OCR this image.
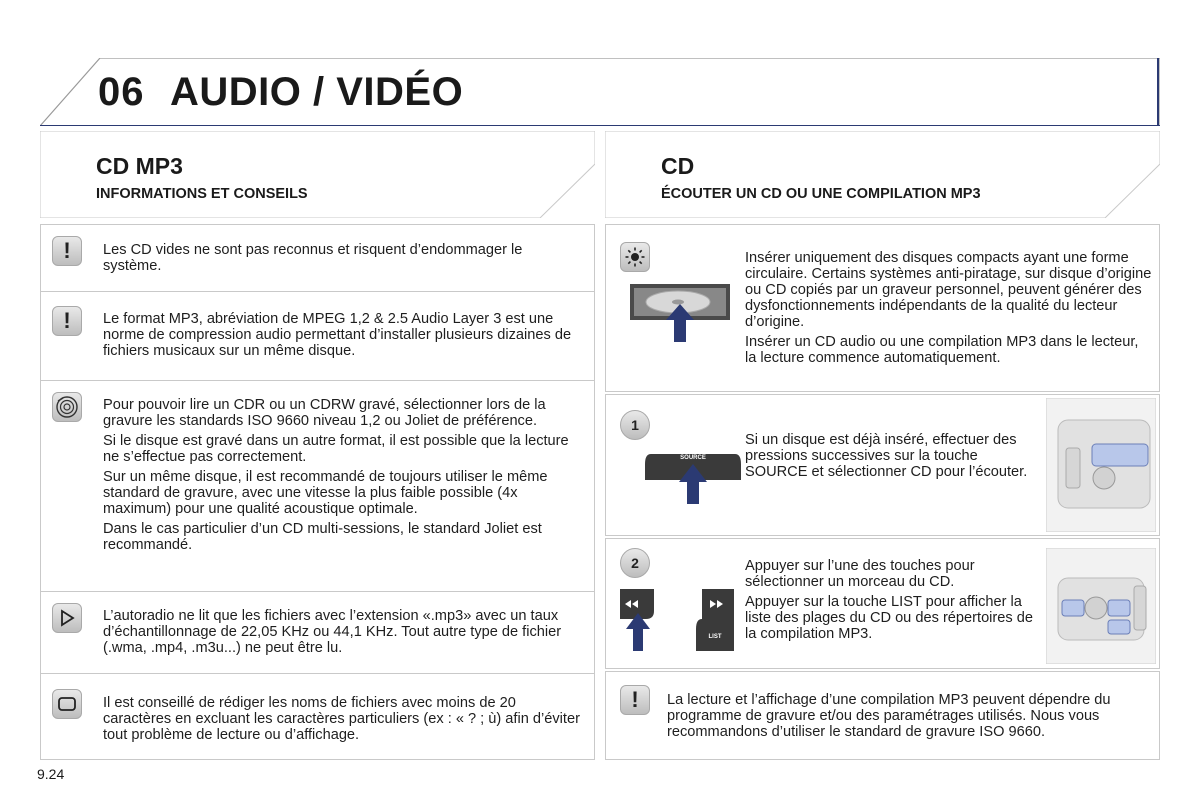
06 AUDIO / VIDÉO
CD MP3
INFORMATIONS ET CONSEILS
CD
ÉCOUTER UN CD OU UNE COMPILATION MP3
! Les CD vides ne sont pas reconnus et risquent d’endommager le système.

! Le format MP3, abréviation de MPEG 1,2 & 2.5 Audio Layer 3 est une norme de compression audio permettant d’installer plusieurs dizaines de fichiers musicaux sur un même disque.

Pour pouvoir lire un CDR ou un CDRW gravé, sélectionner lors de la gravure les standards ISO 9660 niveau 1,2 ou Joliet de préférence.

Si le disque est gravé dans un autre format, il est possible que la lecture ne s’effectue pas correctement.

Sur un même disque, il est recommandé de toujours utiliser le même standard de gravure, avec une vitesse la plus faible possible (4x maximum) pour une qualité acoustique optimale.

Dans le cas particulier d’un CD multi-sessions, le standard Joliet est recommandé.

L’autoradio ne lit que les fichiers avec l’extension «.mp3» avec un taux d’échantillonnage de 22,05 KHz ou 44,1 KHz. Tout autre type de fichier (.wma, .mp4, .m3u...) ne peut être lu.

Il est conseillé de rédiger les noms de fichiers avec moins de 20 caractères en excluant les caractères particuliers (ex : « ? ; ù) afin d’éviter tout problème de lecture ou d’affichage.

Insérer uniquement des disques compacts ayant une forme circulaire. Certains systèmes anti-piratage, sur disque d’origine ou CD copiés par un graveur personnel, peuvent générer des dysfonctionnements indépendants de la qualité du lecteur d’origine.

Insérer un CD audio ou une compilation MP3 dans le lecteur, la lecture commence automatiquement.

1
SOURCE

Si un disque est déjà inséré, effectuer des pressions successives sur la touche SOURCE et sélectionner CD pour l’écouter.

2
LIST

Appuyer sur l’une des touches pour sélectionner un morceau du CD.

Appuyer sur la touche LIST pour afficher la liste des plages du CD ou des répertoires de la compilation MP3.

! La lecture et l’affichage d’une compilation MP3 peuvent dépendre du programme de gravure et/ou des paramétrages utilisés. Nous vous recommandons d’utiliser le standard de gravure ISO 9660.

9.24
